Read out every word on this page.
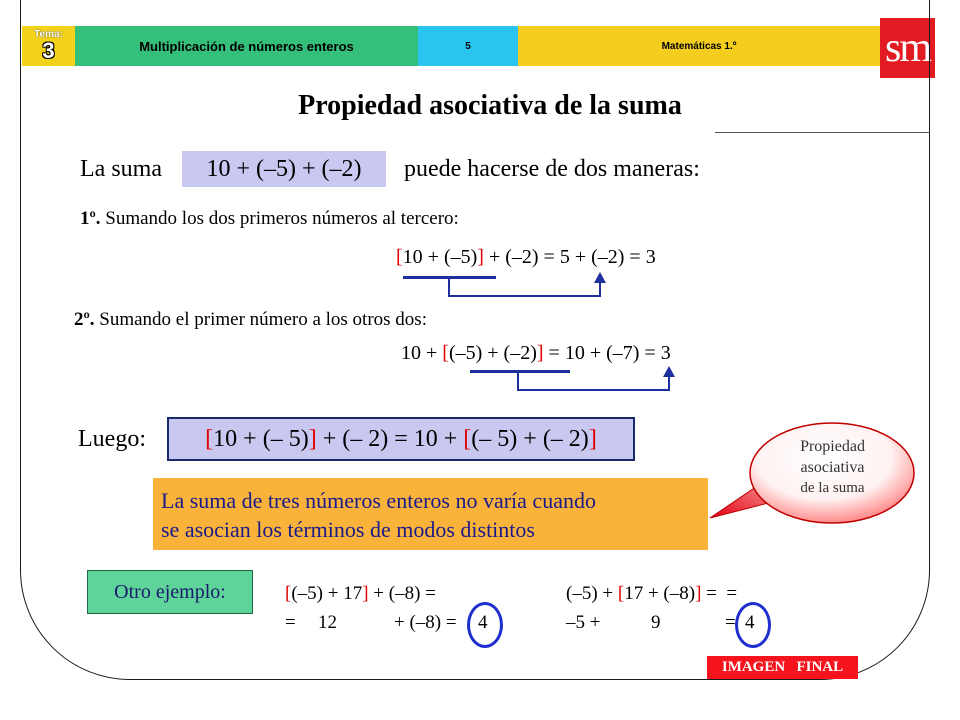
Tema:
3	Multiplicación de números enteros	5	Matemáticas 1.º	sm
Propiedad asociativa de la suma
La suma 10 + (–5) + (–2) puede hacerse de dos maneras:
1º. Sumando los dos primeros números al tercero:
[10 + (–5)] + (–2) = 5 + (–2) = 3
2º. Sumando el primer número a los otros dos:
10 + [(–5) + (–2)] = 10 + (–7) = 3
Luego: [ 10 + (– 5) ] + (– 2) = 10 + [ (– 5) + (– 2) ]	Propiedad
asociativa
de la suma
La suma de tres números enteros no varía cuando
se asocian los términos de modos distintos
Otro ejemplo:	[(–5) + 17] + (–8) =
= 12	+ (–8) = 4
(–5) + [17 + (–8)] =  =
–5 +	9	= 4
IMAGEN   FINAL
